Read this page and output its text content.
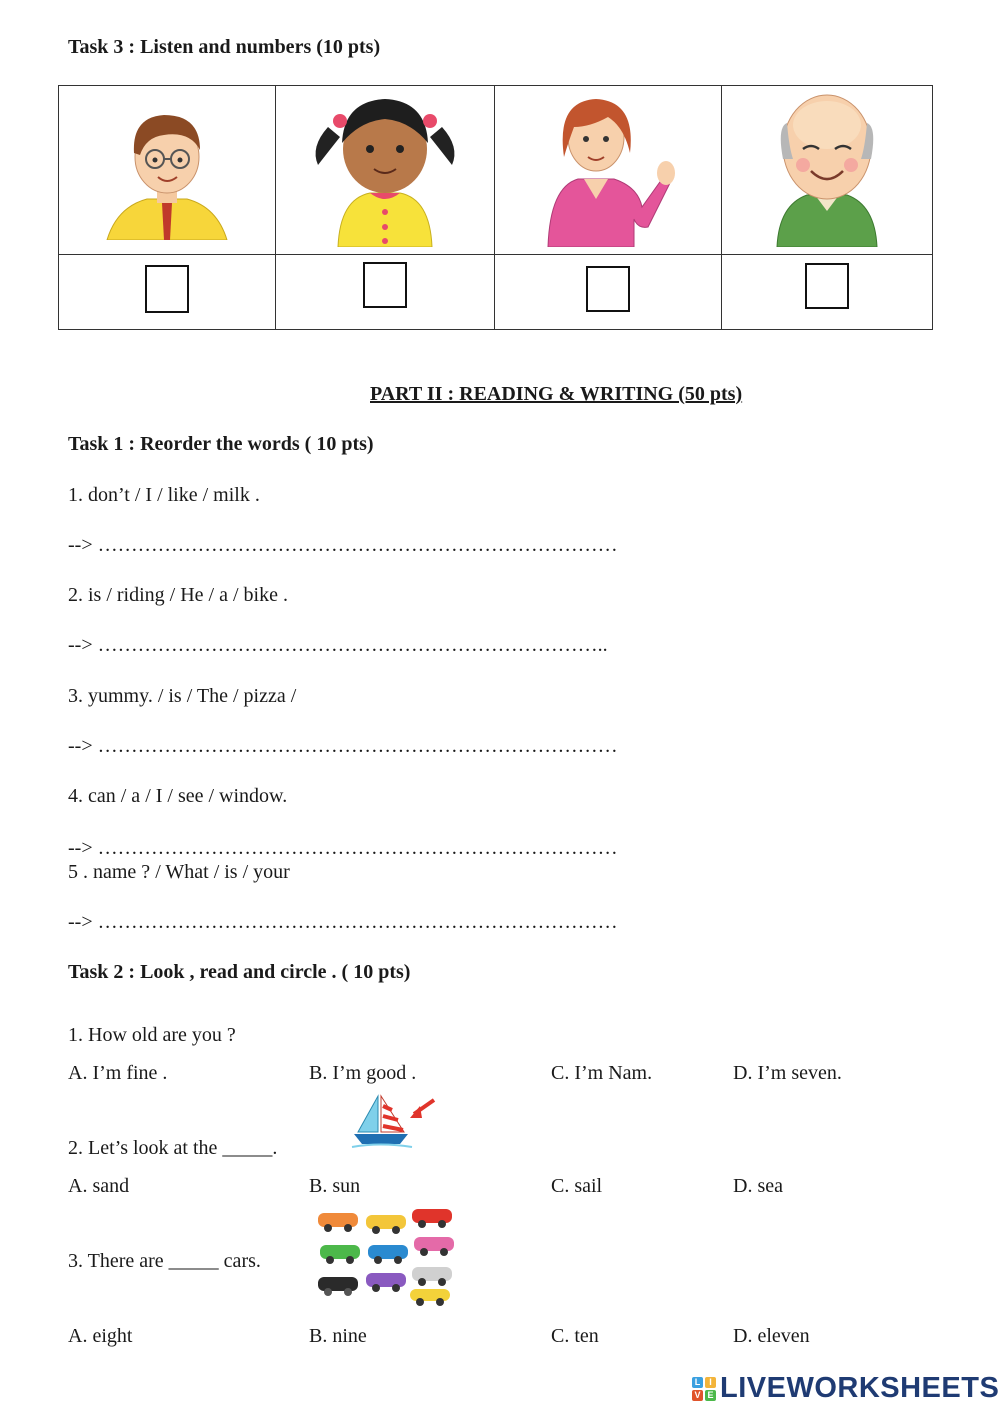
Task 3 : Listen and numbers (10 pts)

PART II : READING & WRITING (50 pts)
Task 1 : Reorder the words ( 10 pts)
1. don’t / I / like / milk .
--> ……………………………………………………………………
2. is / riding / He / a / bike .
--> …………………………………………………………………..
3. yummy. / is / The / pizza /
--> ……………………………………………………………………
4. can / a / I / see / window.
--> ……………………………………………………………………
5 . name ? / What / is / your
--> ……………………………………………………………………
Task 2 : Look , read and circle . ( 10 pts)
1. How old are you ?
A. I’m fine .	B. I’m good .	C. I’m Nam.	D. I’m seven.
2. Let’s look at the _____.
A. sand	B. sun	C. sail	D. sea
3. There are _____ cars.
A. eight	B. nine	C. ten	D. eleven
L I
V E LIVEWORKSHEETS
